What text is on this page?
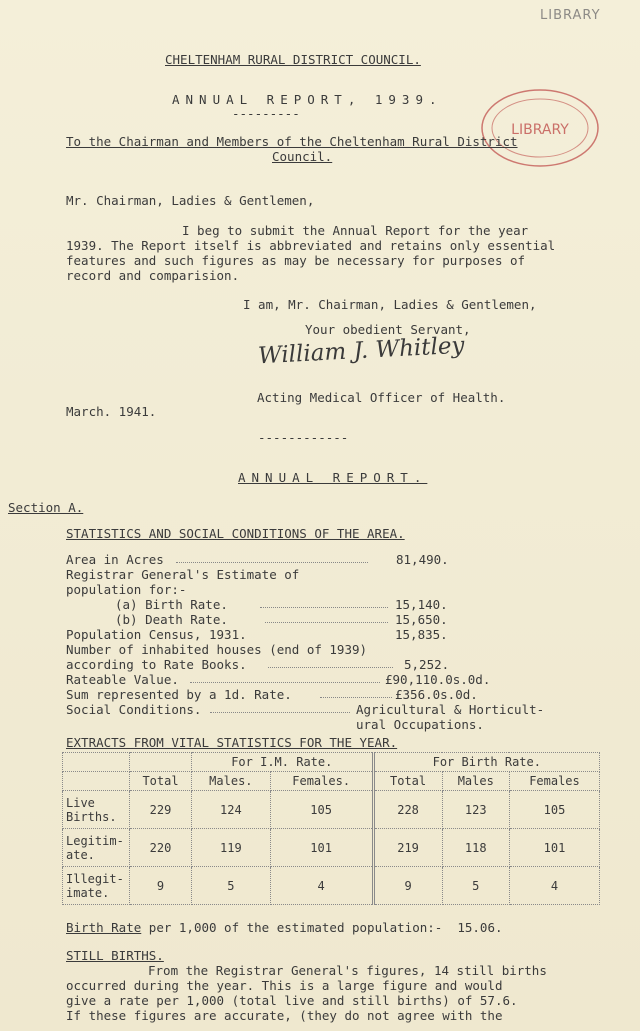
LIBRARY
LIBRARY
CHELTENHAM RURAL DISTRICT COUNCIL.
ANNUAL REPORT, 1939.
---------
To the Chairman and Members of the Cheltenham Rural District
Council.
Mr. Chairman, Ladies & Gentlemen,
I beg to submit the Annual Report for the year
1939. The Report itself is abbreviated and retains only essential
features and such figures as may be necessary for purposes of
record and comparision.
I am, Mr. Chairman, Ladies & Gentlemen,
Your obedient Servant,
William J. Whitley
Acting Medical Officer of Health.
March. 1941.
------------
ANNUAL REPORT.
Section A.
STATISTICS AND SOCIAL CONDITIONS OF THE AREA.
Area in Acres	81,490.
Registrar General's Estimate of
population for:-
(a) Birth Rate.	15,140.
(b) Death Rate.	15,650.
Population Census, 1931.	15,835.
Number of inhabited houses (end of 1939)
according to Rate Books.	5,252.
Rateable Value.	£90,110.0s.0d.
Sum represented by a 1d. Rate.	£356.0s.0d.
Social Conditions.	Agricultural & Horticult-
ural Occupations.
EXTRACTS FROM VITAL STATISTICS FOR THE YEAR.
		For I.M. Rate.		For Birth Rate.		
	Total	Males.	Females.	Total	Males	Females
Live
Births.	229	124	105	228	123	105
Legitim-
ate.	220	119	101	219	118	101
Illegit-
imate.	9	5	4	9	5	4
Birth Rate per 1,000 of the estimated population:-  15.06.
STILL BIRTHS.
From the Registrar General's figures, 14 still births
occurred during the year. This is a large figure and would
give a rate per 1,000 (total live and still births) of 57.6.
If these figures are accurate, (they do not agree with the
